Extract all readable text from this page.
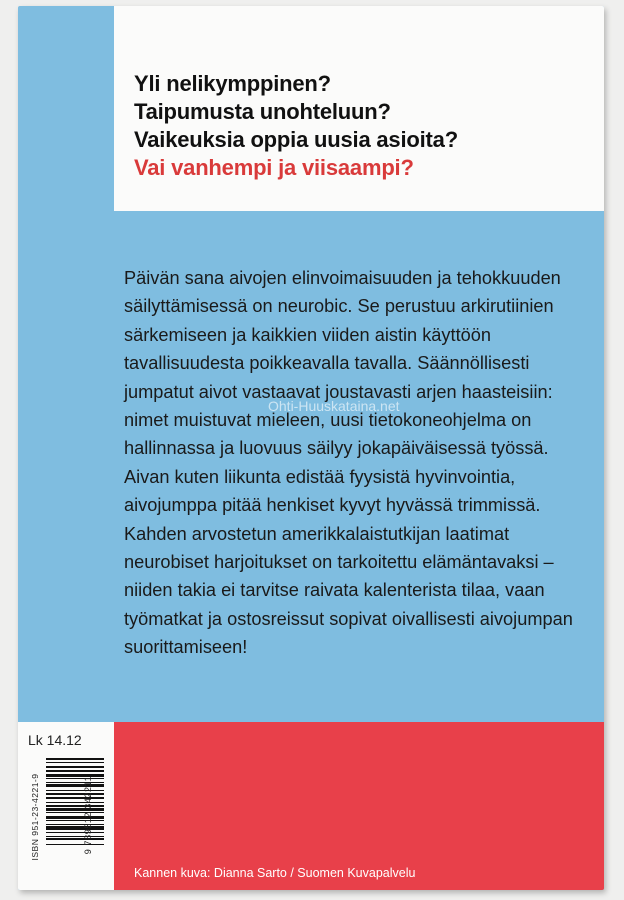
Yli nelikymppinen?
Taipumusta unohteluun?
Vaikeuksia oppia uusia asioita?
Vai vanhempi ja viisaampi?

Päivän sana aivojen elinvoimaisuuden ja tehokkuuden säilyttämisessä on neurobic. Se perustuu arkirutiinien särkemiseen ja kaikkien viiden aistin käyttöön tavallisuudesta poikkeavalla tavalla. Säännöllisesti jumpatut aivot vastaavat joustavasti arjen haasteisiin: nimet muistuvat mieleen, uusi tietokoneohjelma on hallinnassa ja luovuus säilyy jokapäiväisessä työssä. Aivan kuten liikunta edistää fyysistä hyvinvointia, aivojumppa pitää henkiset kyvyt hyvässä trimmissä. Kahden arvostetun amerikkalaistutkijan laatimat neurobiset harjoitukset on tarkoitettu elämäntavaksi – niiden takia ei tarvitse raivata kalenterista tilaa, vaan työmatkat ja ostosreissut sopivat oivallisesti aivojumpan suorittamiseen!

Ohti-Huuskataina.net
Kannen kuva: Dianna Sarto / Suomen Kuvapalvelu
Lk 14.12
ISBN 951-23-4221-9	9 789512 342211
